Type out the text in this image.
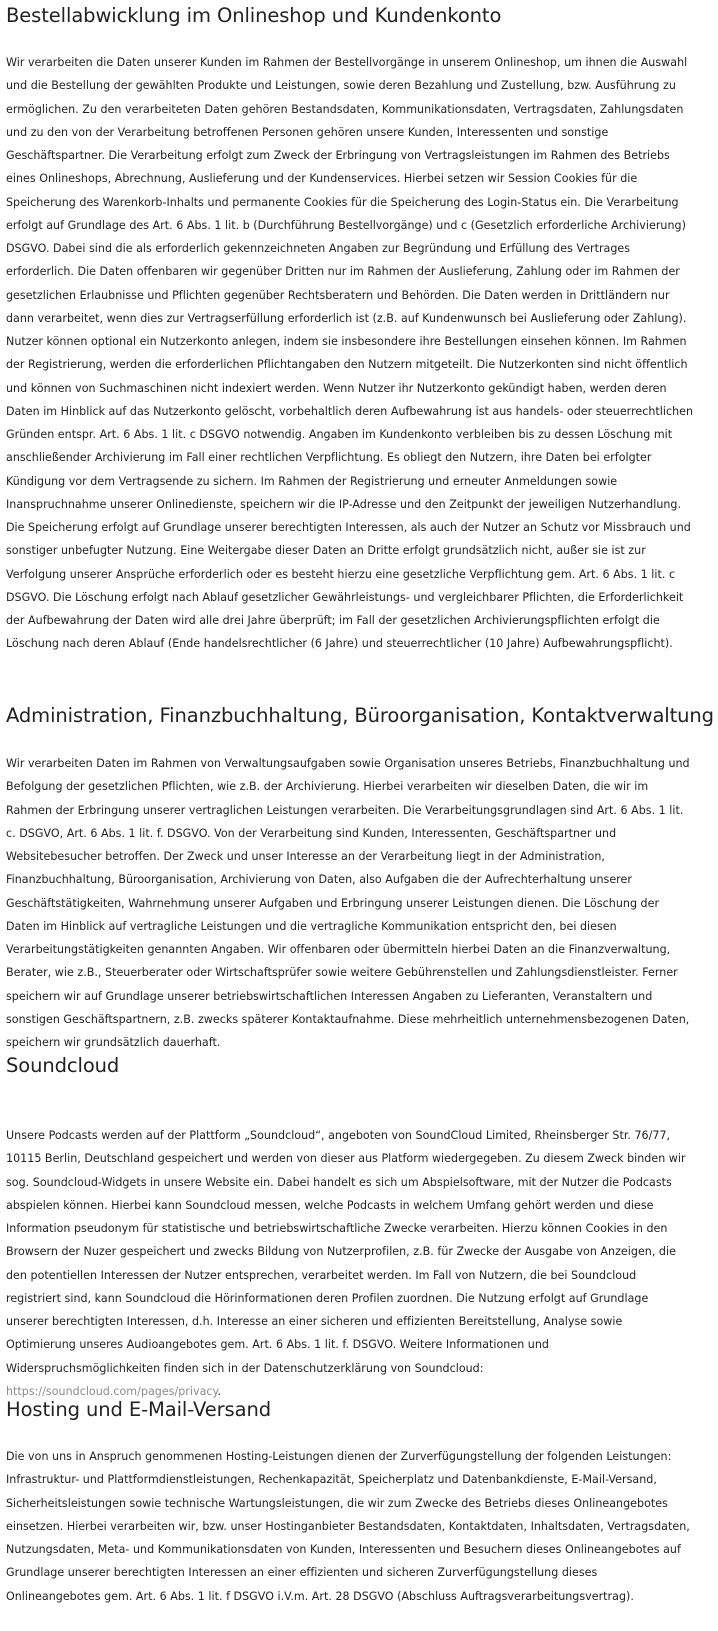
Bestellabwicklung im Onlineshop und Kundenkonto

Wir verarbeiten die Daten unserer Kunden im Rahmen der Bestellvorgänge in unserem Onlineshop, um ihnen die Auswahl und die Bestellung der gewählten Produkte und Leistungen, sowie deren Bezahlung und Zustellung, bzw. Ausführung zu ermöglichen. Zu den verarbeiteten Daten gehören Bestandsdaten, Kommunikationsdaten, Vertragsdaten, Zahlungsdaten und zu den von der Verarbeitung betroffenen Personen gehören unsere Kunden, Interessenten und sonstige Geschäftspartner. Die Verarbeitung erfolgt zum Zweck der Erbringung von Vertragsleistungen im Rahmen des Betriebs eines Onlineshops, Abrechnung, Auslieferung und der Kundenservices. Hierbei setzen wir Session Cookies für die Speicherung des Warenkorb-Inhalts und permanente Cookies für die Speicherung des Login-Status ein. Die Verarbeitung erfolgt auf Grundlage des Art. 6 Abs. 1 lit. b (Durchführung Bestellvorgänge) und c (Gesetzlich erforderliche Archivierung) DSGVO. Dabei sind die als erforderlich gekennzeichneten Angaben zur Begründung und Erfüllung des Vertrages erforderlich. Die Daten offenbaren wir gegenüber Dritten nur im Rahmen der Auslieferung, Zahlung oder im Rahmen der gesetzlichen Erlaubnisse und Pflichten gegenüber Rechtsberatern und Behörden. Die Daten werden in Drittländern nur dann verarbeitet, wenn dies zur Vertragserfüllung erforderlich ist (z.B. auf Kundenwunsch bei Auslieferung oder Zahlung). Nutzer können optional ein Nutzerkonto anlegen, indem sie insbesondere ihre Bestellungen einsehen können. Im Rahmen der Registrierung, werden die erforderlichen Pflichtangaben den Nutzern mitgeteilt. Die Nutzerkonten sind nicht öffentlich und können von Suchmaschinen nicht indexiert werden. Wenn Nutzer ihr Nutzerkonto gekündigt haben, werden deren Daten im Hinblick auf das Nutzerkonto gelöscht, vorbehaltlich deren Aufbewahrung ist aus handels- oder steuerrechtlichen Gründen entspr. Art. 6 Abs. 1 lit. c DSGVO notwendig. Angaben im Kundenkonto verbleiben bis zu dessen Löschung mit anschließender Archivierung im Fall einer rechtlichen Verpflichtung. Es obliegt den Nutzern, ihre Daten bei erfolgter Kündigung vor dem Vertragsende zu sichern. Im Rahmen der Registrierung und erneuter Anmeldungen sowie Inanspruchnahme unserer Onlinedienste, speichern wir die IP-Adresse und den Zeitpunkt der jeweiligen Nutzerhandlung. Die Speicherung erfolgt auf Grundlage unserer berechtigten Interessen, als auch der Nutzer an Schutz vor Missbrauch und sonstiger unbefugter Nutzung. Eine Weitergabe dieser Daten an Dritte erfolgt grundsätzlich nicht, außer sie ist zur Verfolgung unserer Ansprüche erforderlich oder es besteht hierzu eine gesetzliche Verpflichtung gem. Art. 6 Abs. 1 lit. c DSGVO. Die Löschung erfolgt nach Ablauf gesetzlicher Gewährleistungs- und vergleichbarer Pflichten, die Erforderlichkeit der Aufbewahrung der Daten wird alle drei Jahre überprüft; im Fall der gesetzlichen Archivierungspflichten erfolgt die Löschung nach deren Ablauf (Ende handelsrechtlicher (6 Jahre) und steuerrechtlicher (10 Jahre) Aufbewahrungspflicht).

Administration, Finanzbuchhaltung, Büroorganisation, Kontaktverwaltung

Wir verarbeiten Daten im Rahmen von Verwaltungsaufgaben sowie Organisation unseres Betriebs, Finanzbuchhaltung und Befolgung der gesetzlichen Pflichten, wie z.B. der Archivierung. Hierbei verarbeiten wir dieselben Daten, die wir im Rahmen der Erbringung unserer vertraglichen Leistungen verarbeiten. Die Verarbeitungsgrundlagen sind Art. 6 Abs. 1 lit. c. DSGVO, Art. 6 Abs. 1 lit. f. DSGVO. Von der Verarbeitung sind Kunden, Interessenten, Geschäftspartner und Websitebesucher betroffen. Der Zweck und unser Interesse an der Verarbeitung liegt in der Administration, Finanzbuchhaltung, Büroorganisation, Archivierung von Daten, also Aufgaben die der Aufrechterhaltung unserer Geschäftstätigkeiten, Wahrnehmung unserer Aufgaben und Erbringung unserer Leistungen dienen. Die Löschung der Daten im Hinblick auf vertragliche Leistungen und die vertragliche Kommunikation entspricht den, bei diesen Verarbeitungstätigkeiten genannten Angaben. Wir offenbaren oder übermitteln hierbei Daten an die Finanzverwaltung, Berater, wie z.B., Steuerberater oder Wirtschaftsprüfer sowie weitere Gebührenstellen und Zahlungsdienstleister. Ferner speichern wir auf Grundlage unserer betriebswirtschaftlichen Interessen Angaben zu Lieferanten, Veranstaltern und sonstigen Geschäftspartnern, z.B. zwecks späterer Kontaktaufnahme. Diese mehrheitlich unternehmensbezogenen Daten, speichern wir grundsätzlich dauerhaft.

Soundcloud

Unsere Podcasts werden auf der Plattform „Soundcloud“, angeboten von SoundCloud Limited, Rheinsberger Str. 76/77, 10115 Berlin, Deutschland gespeichert und werden von dieser aus Platform wiedergegeben. Zu diesem Zweck binden wir sog. Soundcloud-Widgets in unsere Website ein. Dabei handelt es sich um Abspielsoftware, mit der Nutzer die Podcasts abspielen können. Hierbei kann Soundcloud messen, welche Podcasts in welchem Umfang gehört werden und diese Information pseudonym für statistische und betriebswirtschaftliche Zwecke verarbeiten. Hierzu können Cookies in den Browsern der Nuzer gespeichert und zwecks Bildung von Nutzerprofilen, z.B. für Zwecke der Ausgabe von Anzeigen, die den potentiellen Interessen der Nutzer entsprechen, verarbeitet werden. Im Fall von Nutzern, die bei Soundcloud registriert sind, kann Soundcloud die Hörinformationen deren Profilen zuordnen. Die Nutzung erfolgt auf Grundlage unserer berechtigten Interessen, d.h. Interesse an einer sicheren und effizienten Bereitstellung, Analyse sowie Optimierung unseres Audioangebotes gem. Art. 6 Abs. 1 lit. f. DSGVO. Weitere Informationen und Widerspruchsmöglichkeiten finden sich in der Datenschutzerklärung von Soundcloud: https://soundcloud.com/pages/privacy.

Hosting und E-Mail-Versand

Die von uns in Anspruch genommenen Hosting-Leistungen dienen der Zurverfügungstellung der folgenden Leistungen: Infrastruktur- und Plattformdienstleistungen, Rechenkapazität, Speicherplatz und Datenbankdienste, E-Mail-Versand, Sicherheitsleistungen sowie technische Wartungsleistungen, die wir zum Zwecke des Betriebs dieses Onlineangebotes einsetzen. Hierbei verarbeiten wir, bzw. unser Hostinganbieter Bestandsdaten, Kontaktdaten, Inhaltsdaten, Vertragsdaten, Nutzungsdaten, Meta- und Kommunikationsdaten von Kunden, Interessenten und Besuchern dieses Onlineangebotes auf Grundlage unserer berechtigten Interessen an einer effizienten und sicheren Zurverfügungstellung dieses Onlineangebotes gem. Art. 6 Abs. 1 lit. f DSGVO i.V.m. Art. 28 DSGVO (Abschluss Auftragsverarbeitungsvertrag).
